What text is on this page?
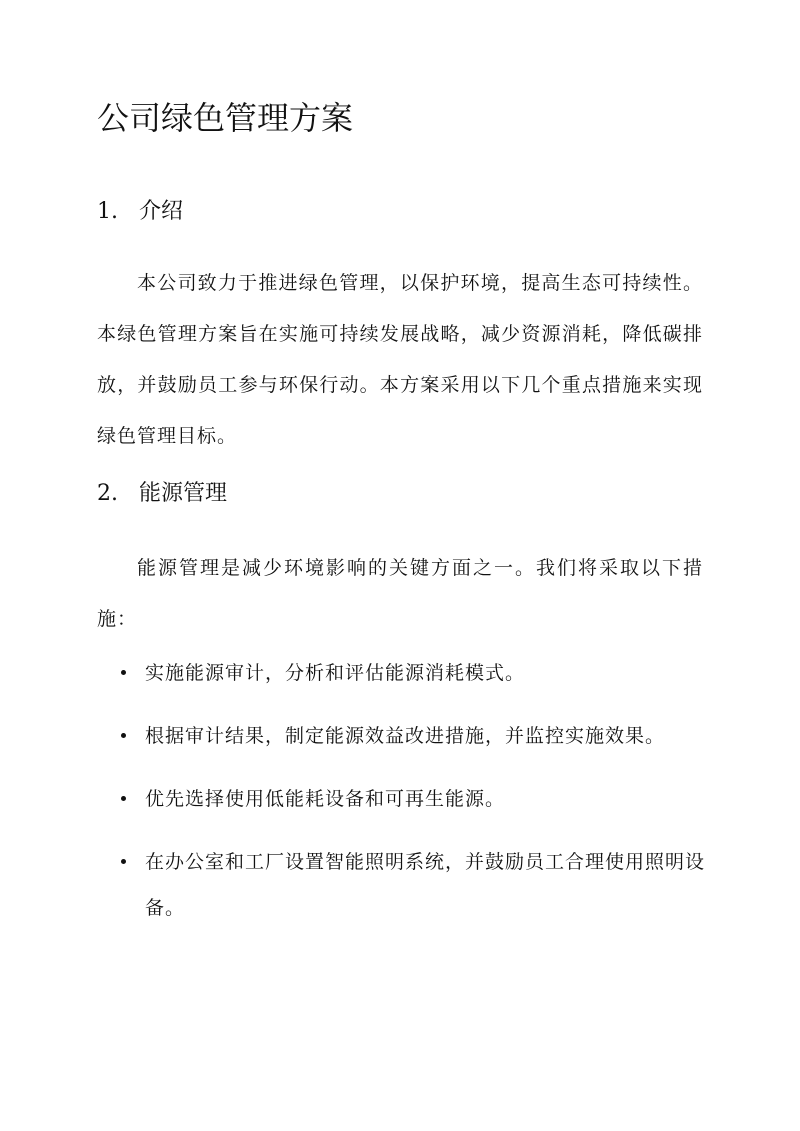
公司绿色管理方案
1. 介绍

本公司致力于推进绿色管理，以保护环境，提高生态可持续性。本绿色管理方案旨在实施可持续发展战略，减少资源消耗，降低碳排放，并鼓励员工参与环保行动。本方案采用以下几个重点措施来实现绿色管理目标。

2. 能源管理

能源管理是减少环境影响的关键方面之一。我们将采取以下措施：

实施能源审计，分析和评估能源消耗模式。
根据审计结果，制定能源效益改进措施，并监控实施效果。
优先选择使用低能耗设备和可再生能源。
在办公室和工厂设置智能照明系统，并鼓励员工合理使用照明设备。
